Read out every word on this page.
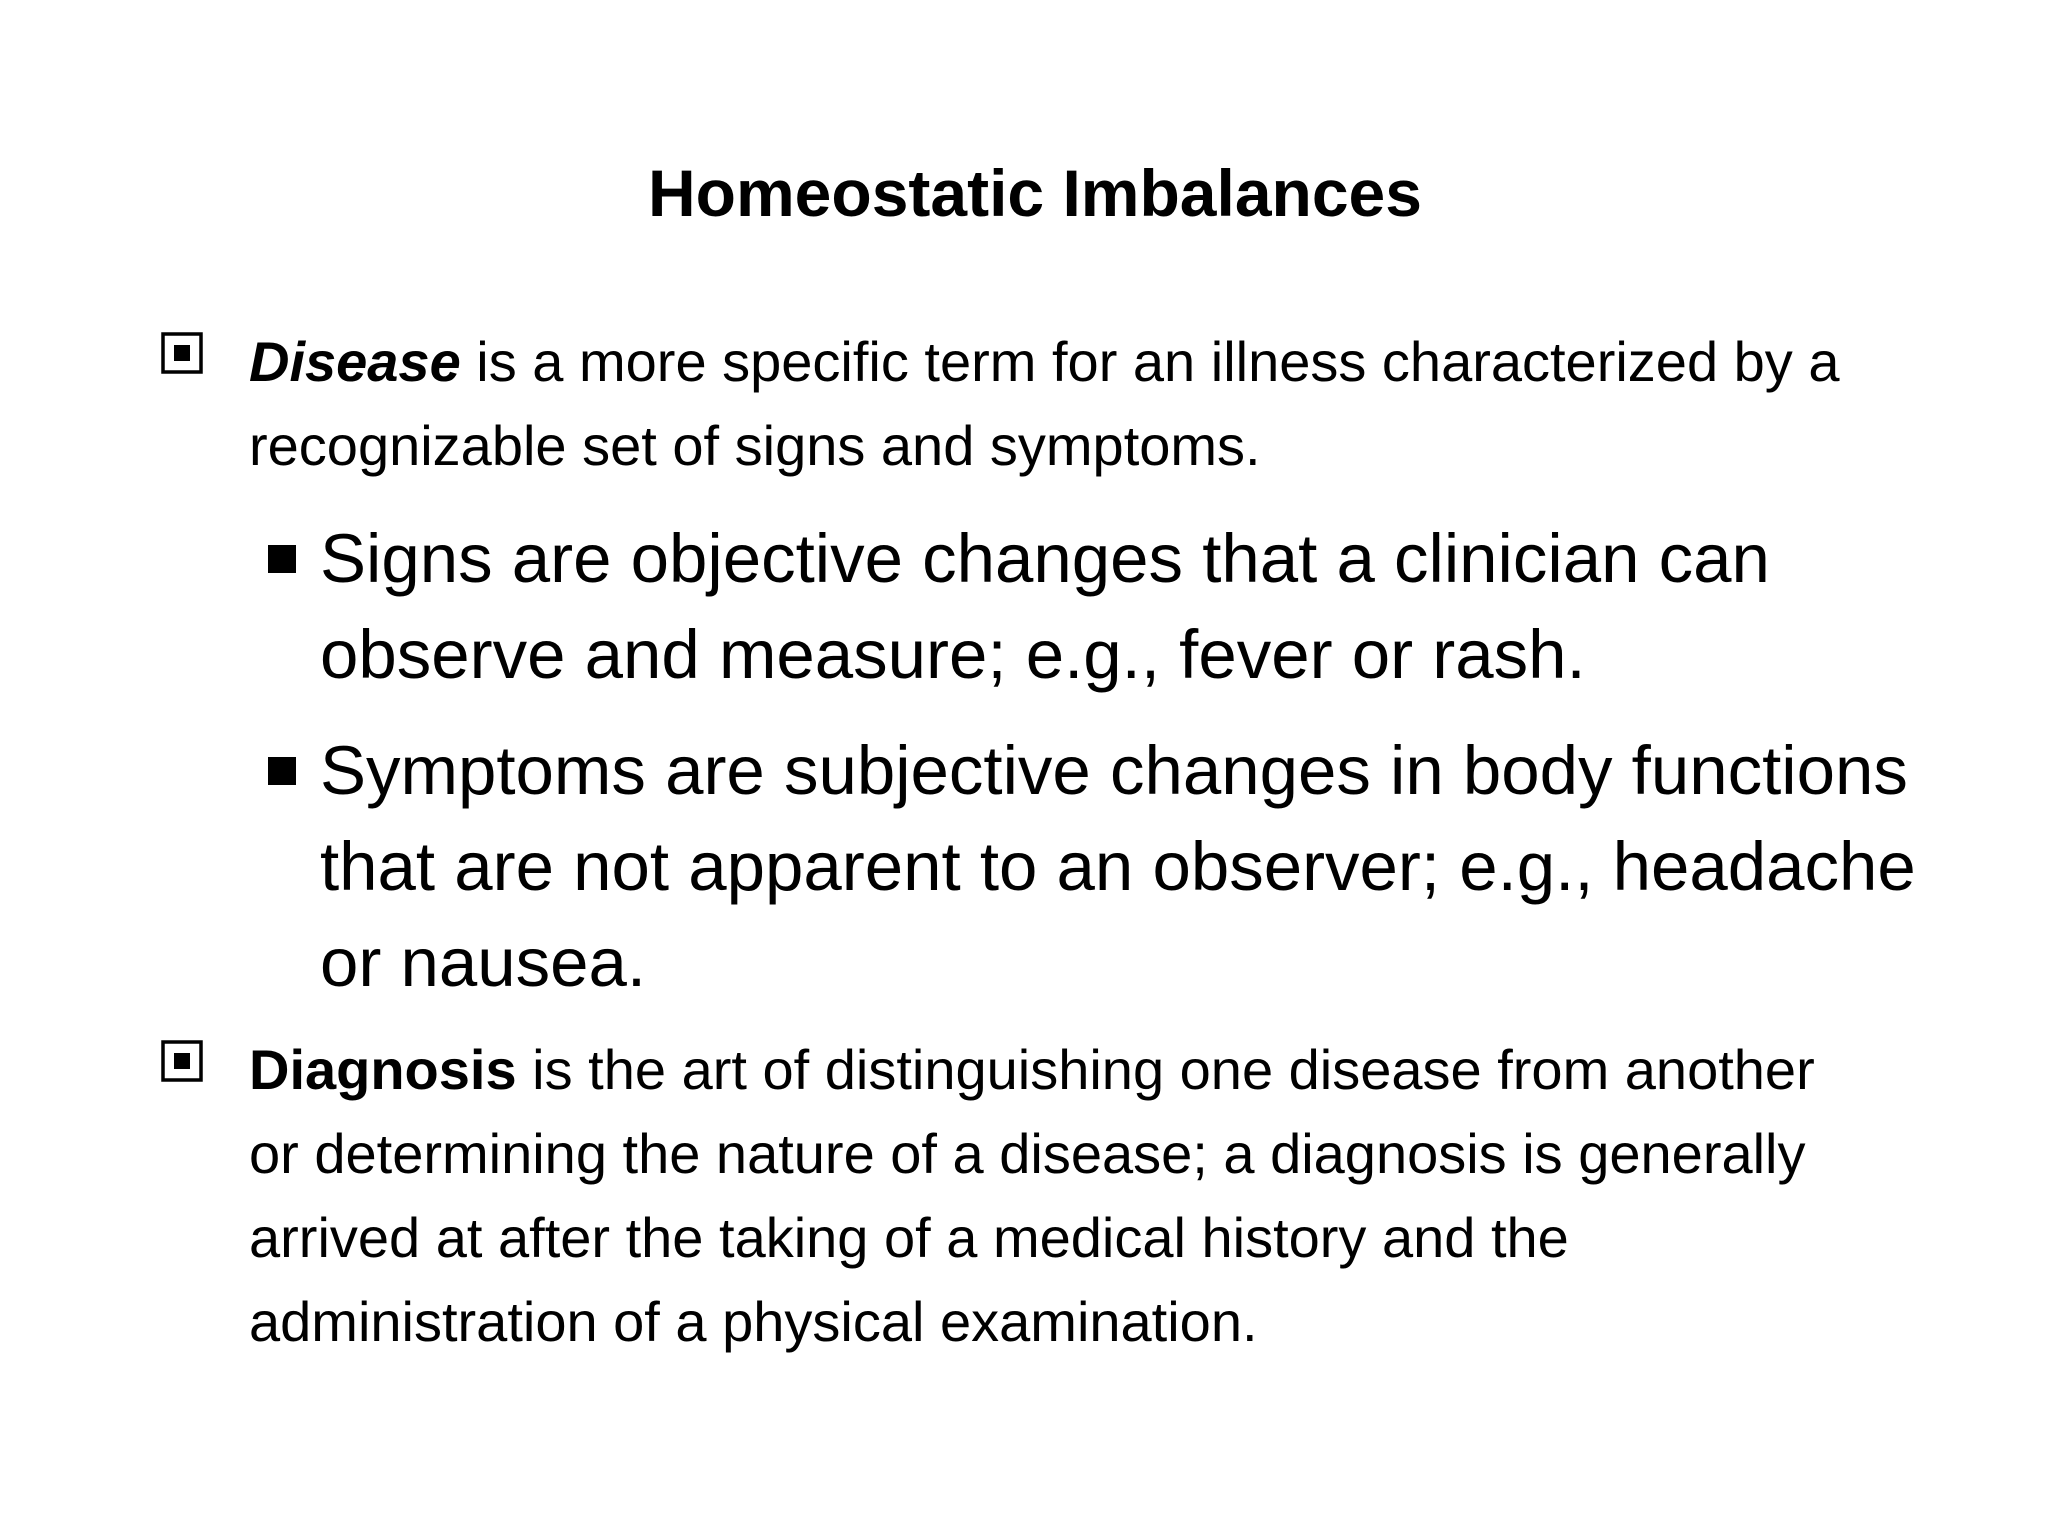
Homeostatic Imbalances
Disease is a more specific term for an illness characterized by a
recognizable set of signs and symptoms.
Signs are objective changes that a clinician can
observe and measure; e.g., fever or rash.
Symptoms are subjective changes in body functions
that are not apparent to an observer; e.g., headache
or nausea.
Diagnosis is the art of distinguishing one disease from another
or determining the nature of a disease; a diagnosis is generally
arrived at after the taking of a medical history and the
administration of a physical examination.
